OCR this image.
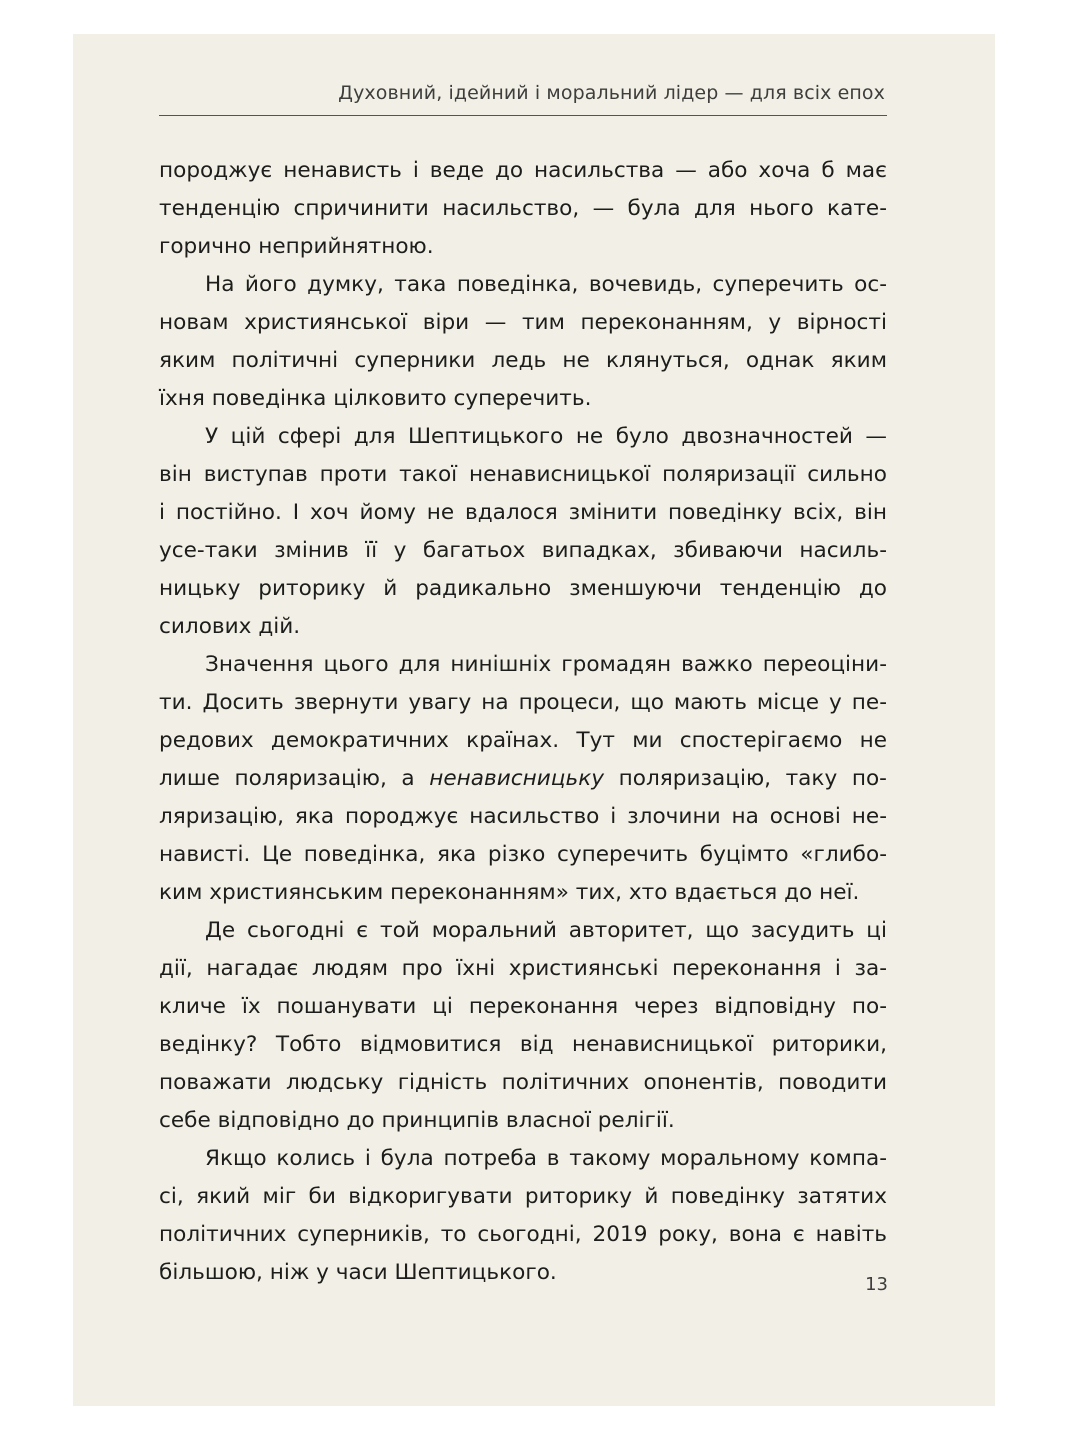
Духовний, ідейний і моральний лідер — для всіх епох
породжує ненависть і веде до насильства — або хоча б має
тенденцію спричинити насильство, — була для нього кате-
горично неприйнятною.
На його думку, така поведінка, вочевидь, суперечить ос-
новам християнської віри — тим переконанням, у вірності
яким політичні суперники ледь не клянуться, однак яким
їхня поведінка цілковито суперечить.
У цій сфері для Шептицького не було двозначностей —
він виступав проти такої ненависницької поляризації сильно
і постійно. І хоч йому не вдалося змінити поведінку всіх, він
усе-таки змінив її у багатьох випадках, збиваючи насиль-
ницьку риторику й радикально зменшуючи тенденцію до
силових дій.
Значення цього для нинішніх громадян важко переоціни-
ти. Досить звернути увагу на процеси, що мають місце у пе-
редових демократичних країнах. Тут ми спостерігаємо не
лише поляризацію, а ненависницьку поляризацію, таку по-
ляризацію, яка породжує насильство і злочини на основі не-
нависті. Це поведінка, яка різко суперечить буцімто «глибо-
ким християнським переконанням» тих, хто вдається до неї.
Де сьогодні є той моральний авторитет, що засудить ці
дії, нагадає людям про їхні християнські переконання і за-
кличе їх пошанувати ці переконання через відповідну по-
ведінку? Тобто відмовитися від ненависницької риторики,
поважати людську гідність політичних опонентів, поводити
себе відповідно до принципів власної релігії.
Якщо колись і була потреба в такому моральному компа-
сі, який міг би відкоригувати риторику й поведінку затятих
політичних суперників, то сьогодні, 2019 року, вона є навіть
більшою, ніж у часи Шептицького.	13
